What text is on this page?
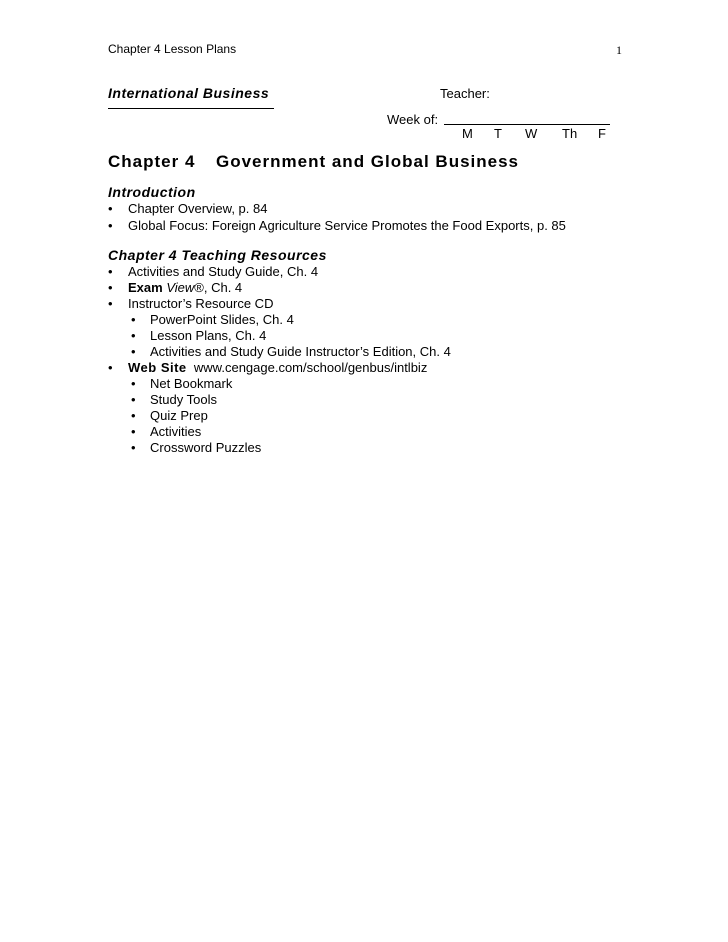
Chapter 4 Lesson Plans	1
International Business	Teacher:
Week of:
M T W Th F
Chapter 4 Government and Global Business
Introduction
• Chapter Overview, p. 84
• Global Focus: Foreign Agriculture Service Promotes the Food Exports, p. 85
Chapter 4 Teaching Resources
• Activities and Study Guide, Ch. 4
• Exam View®, Ch. 4
• Instructor’s Resource CD
• PowerPoint Slides, Ch. 4
• Lesson Plans, Ch. 4
• Activities and Study Guide Instructor’s Edition, Ch. 4
• Web Site www.cengage.com/school/genbus/intlbiz
• Net Bookmark
• Study Tools
• Quiz Prep
• Activities
• Crossword Puzzles
